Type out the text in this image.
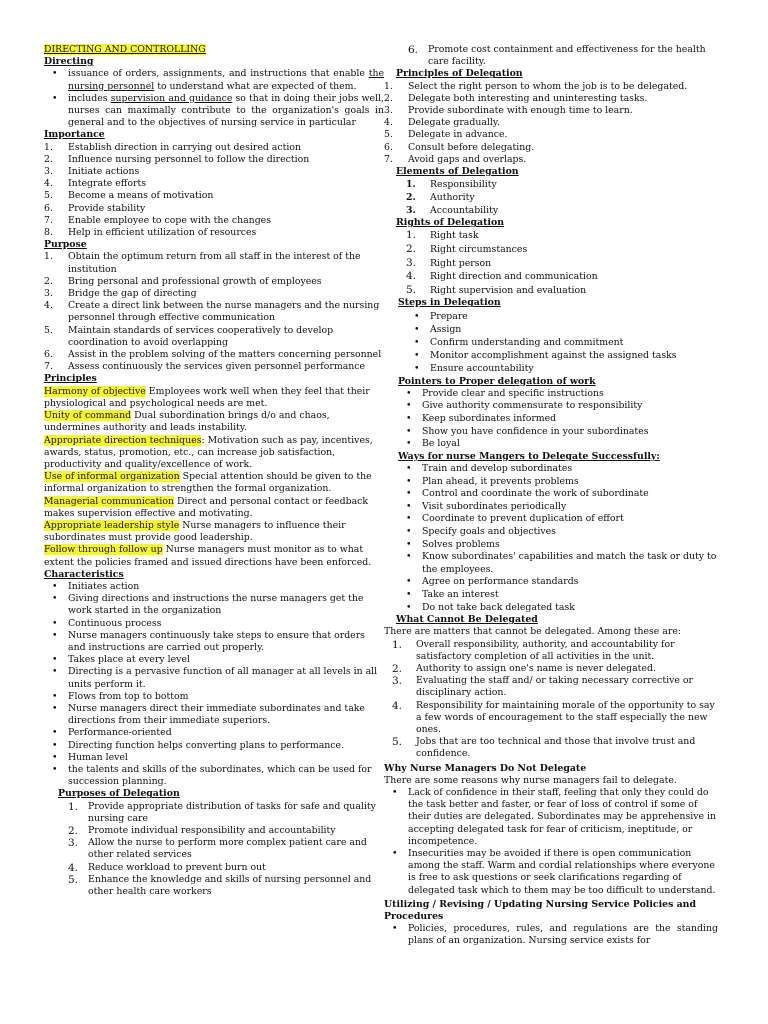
DIRECTING AND CONTROLLING

Directing

• issuance of orders, assignments, and instructions that enable the nursing personnel to understand what are expected of them.
• includes supervision and guidance so that in doing their jobs well, nurses can maximally contribute to the organization's goals in general and to the objectives of nursing service in particular

Importance

1. Establish direction in carrying out desired action
2. Influence nursing personnel to follow the direction
3. Initiate actions
4. Integrate efforts
5. Become a means of motivation
6. Provide stability
7. Enable employee to cope with the changes
8. Help in efficient utilization of resources

Purpose

1. Obtain the optimum return from all staff in the interest of the institution
2. Bring personal and professional growth of employees
3. Bridge the gap of directing
4. Create a direct link between the nurse managers and the nursing personnel through effective communication
5. Maintain standards of services cooperatively to develop coordination to avoid overlapping
6. Assist in the problem solving of the matters concerning personnel
7. Assess continuously the services given personnel performance

Principles

Harmony of objective Employees work well when they feel that their physiological and psychological needs are met.

Unity of command Dual subordination brings d/o and chaos, undermines authority and leads instability.

Appropriate direction techniques: Motivation such as pay, incentives, awards, status, promotion, etc., can increase job satisfaction, productivity and quality/excellence of work.

Use of informal organization Special attention should be given to the informal organization to strengthen the formal organization.

Managerial communication Direct and personal contact or feedback makes supervision effective and motivating.

Appropriate leadership style Nurse managers to influence their subordinates must provide good leadership.

Follow through follow up Nurse managers must monitor as to what extent the policies framed and issued directions have been enforced.

Characteristics

• Initiates action
• Giving directions and instructions the nurse managers get the work started in the organization
• Continuous process
• Nurse managers continuously take steps to ensure that orders and instructions are carried out properly.
• Takes place at every level
• Directing is a pervasive function of all manager at all levels in all units perform it.
• Flows from top to bottom
• Nurse managers direct their immediate subordinates and take directions from their immediate superiors.
• Performance-oriented
• Directing function helps converting plans to performance.
• Human level
• the talents and skills of the subordinates, which can be used for succession planning.

Purposes of Delegation

1. Provide appropriate distribution of tasks for safe and quality nursing care
2. Promote individual responsibility and accountability
3. Allow the nurse to perform more complex patient care and other related services
4. Reduce workload to prevent burn out
5. Enhance the knowledge and skills of nursing personnel and other health care workers
6. Promote cost containment and effectiveness for the health care facility.

Principles of Delegation

1. Select the right person to whom the job is to be delegated.
2. Delegate both interesting and uninteresting tasks.
3. Provide subordinate with enough time to learn.
4. Delegate gradually.
5. Delegate in advance.
6. Consult before delegating.
7. Avoid gaps and overlaps.

Elements of Delegation

1. Responsibility
2. Authority
3. Accountability

Rights of Delegation

1. Right task
2. Right circumstances
3. Right person
4. Right direction and communication
5. Right supervision and evaluation

Steps in Delegation

• Prepare
• Assign
• Confirm understanding and commitment
• Monitor accomplishment against the assigned tasks
• Ensure accountability

Pointers to Proper delegation of work

• Provide clear and specific instructions
• Give authority commensurate to responsibility
• Keep subordinates informed
• Show you have confidence in your subordinates
• Be loyal

Ways for nurse Mangers to Delegate Successfully:

• Train and develop subordinates
• Plan ahead, it prevents problems
• Control and coordinate the work of subordinate
• Visit subordinates periodically
• Coordinate to prevent duplication of effort
• Specify goals and objectives
• Solves problems
• Know subordinates' capabilities and match the task or duty to the employees.
• Agree on performance standards
• Take an interest
• Do not take back delegated task

What Cannot Be Delegated

There are matters that cannot be delegated. Among these are:

1. Overall responsibility, authority, and accountability for satisfactory completion of all activities in the unit.
2. Authority to assign one's name is never delegated.
3. Evaluating the staff and/ or taking necessary corrective or disciplinary action.
4. Responsibility for maintaining morale of the opportunity to say a few words of encouragement to the staff especially the new ones.
5. Jobs that are too technical and those that involve trust and confidence.

Why Nurse Managers Do Not Delegate

There are some reasons why nurse managers fail to delegate.

• Lack of confidence in their staff, feeling that only they could do the task better and faster, or fear of loss of control if some of their duties are delegated. Subordinates may be apprehensive in accepting delegated task for fear of criticism, ineptitude, or incompetence.
• Insecurities may be avoided if there is open communication among the staff. Warm and cordial relationships where everyone is free to ask questions or seek clarifications regarding of delegated task which to them may be too difficult to understand.

Utilizing / Revising / Updating Nursing Service Policies and Procedures

• Policies, procedures, rules, and regulations are the standing plans of an organization. Nursing service exists for
